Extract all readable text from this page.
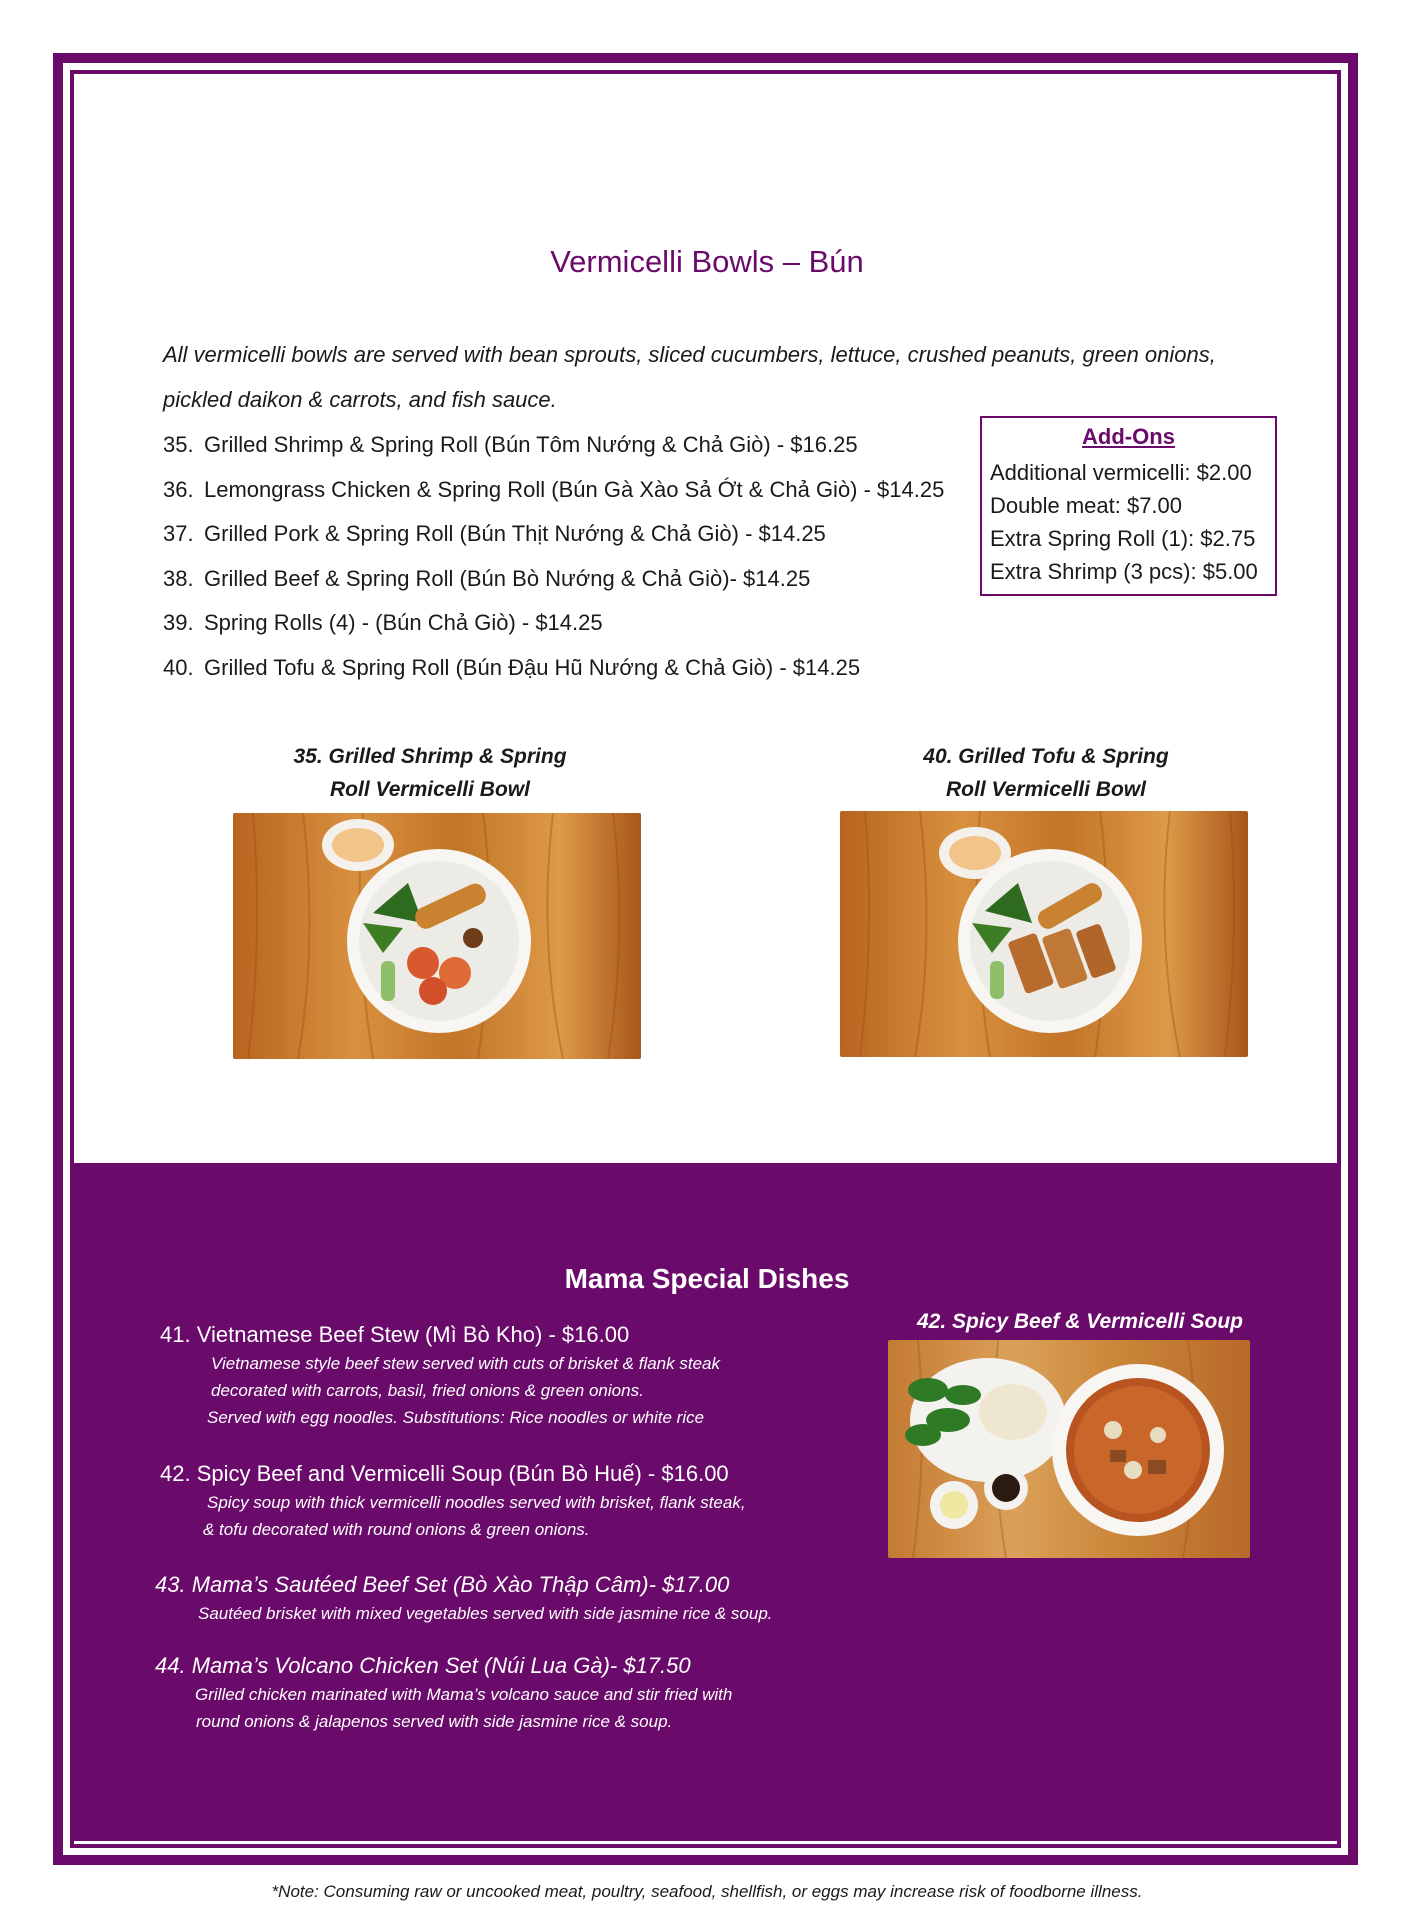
Vermicelli Bowls – Bún
All vermicelli bowls are served with bean sprouts, sliced cucumbers, lettuce, crushed peanuts, green onions,
pickled daikon & carrots, and fish sauce.
35. Grilled Shrimp & Spring Roll (Bún Tôm Nướng & Chả Giò) - $16.25
36. Lemongrass Chicken & Spring Roll (Bún Gà Xào Sả Ớt & Chả Giò) - $14.25
37. Grilled Pork & Spring Roll (Bún Thịt Nướng & Chả Giò) - $14.25
38. Grilled Beef & Spring Roll (Bún Bò Nướng & Chả Giò)- $14.25
39. Spring Rolls (4) - (Bún Chả Giò) - $14.25
40. Grilled Tofu & Spring Roll (Bún Đậu Hũ Nướng & Chả Giò) - $14.25
Add-Ons
Additional vermicelli: $2.00
Double meat: $7.00
Extra Spring Roll (1): $2.75
Extra Shrimp (3 pcs): $5.00
35. Grilled Shrimp & Spring
Roll Vermicelli Bowl
40. Grilled Tofu & Spring
Roll Vermicelli Bowl
Mama Special Dishes
42. Spicy Beef & Vermicelli Soup
41. Vietnamese Beef Stew (Mì Bò Kho) - $16.00
Vietnamese style beef stew served with cuts of brisket & flank steak
decorated with carrots, basil, fried onions & green onions.
Served with egg noodles. Substitutions: Rice noodles or white rice
42. Spicy Beef and Vermicelli Soup (Bún Bò Huế) - $16.00
Spicy soup with thick vermicelli noodles served with brisket, flank steak,
& tofu decorated with round onions & green onions.
43. Mama’s Sautéed Beef Set (Bò Xào Thập Câm)- $17.00
Sautéed brisket with mixed vegetables served with side jasmine rice & soup.
44. Mama’s Volcano Chicken Set (Núi Lua Gà)- $17.50
Grilled chicken marinated with Mama’s volcano sauce and stir fried with
round onions & jalapenos served with side jasmine rice & soup.
*Note: Consuming raw or uncooked meat, poultry, seafood, shellfish, or eggs may increase risk of foodborne illness.
